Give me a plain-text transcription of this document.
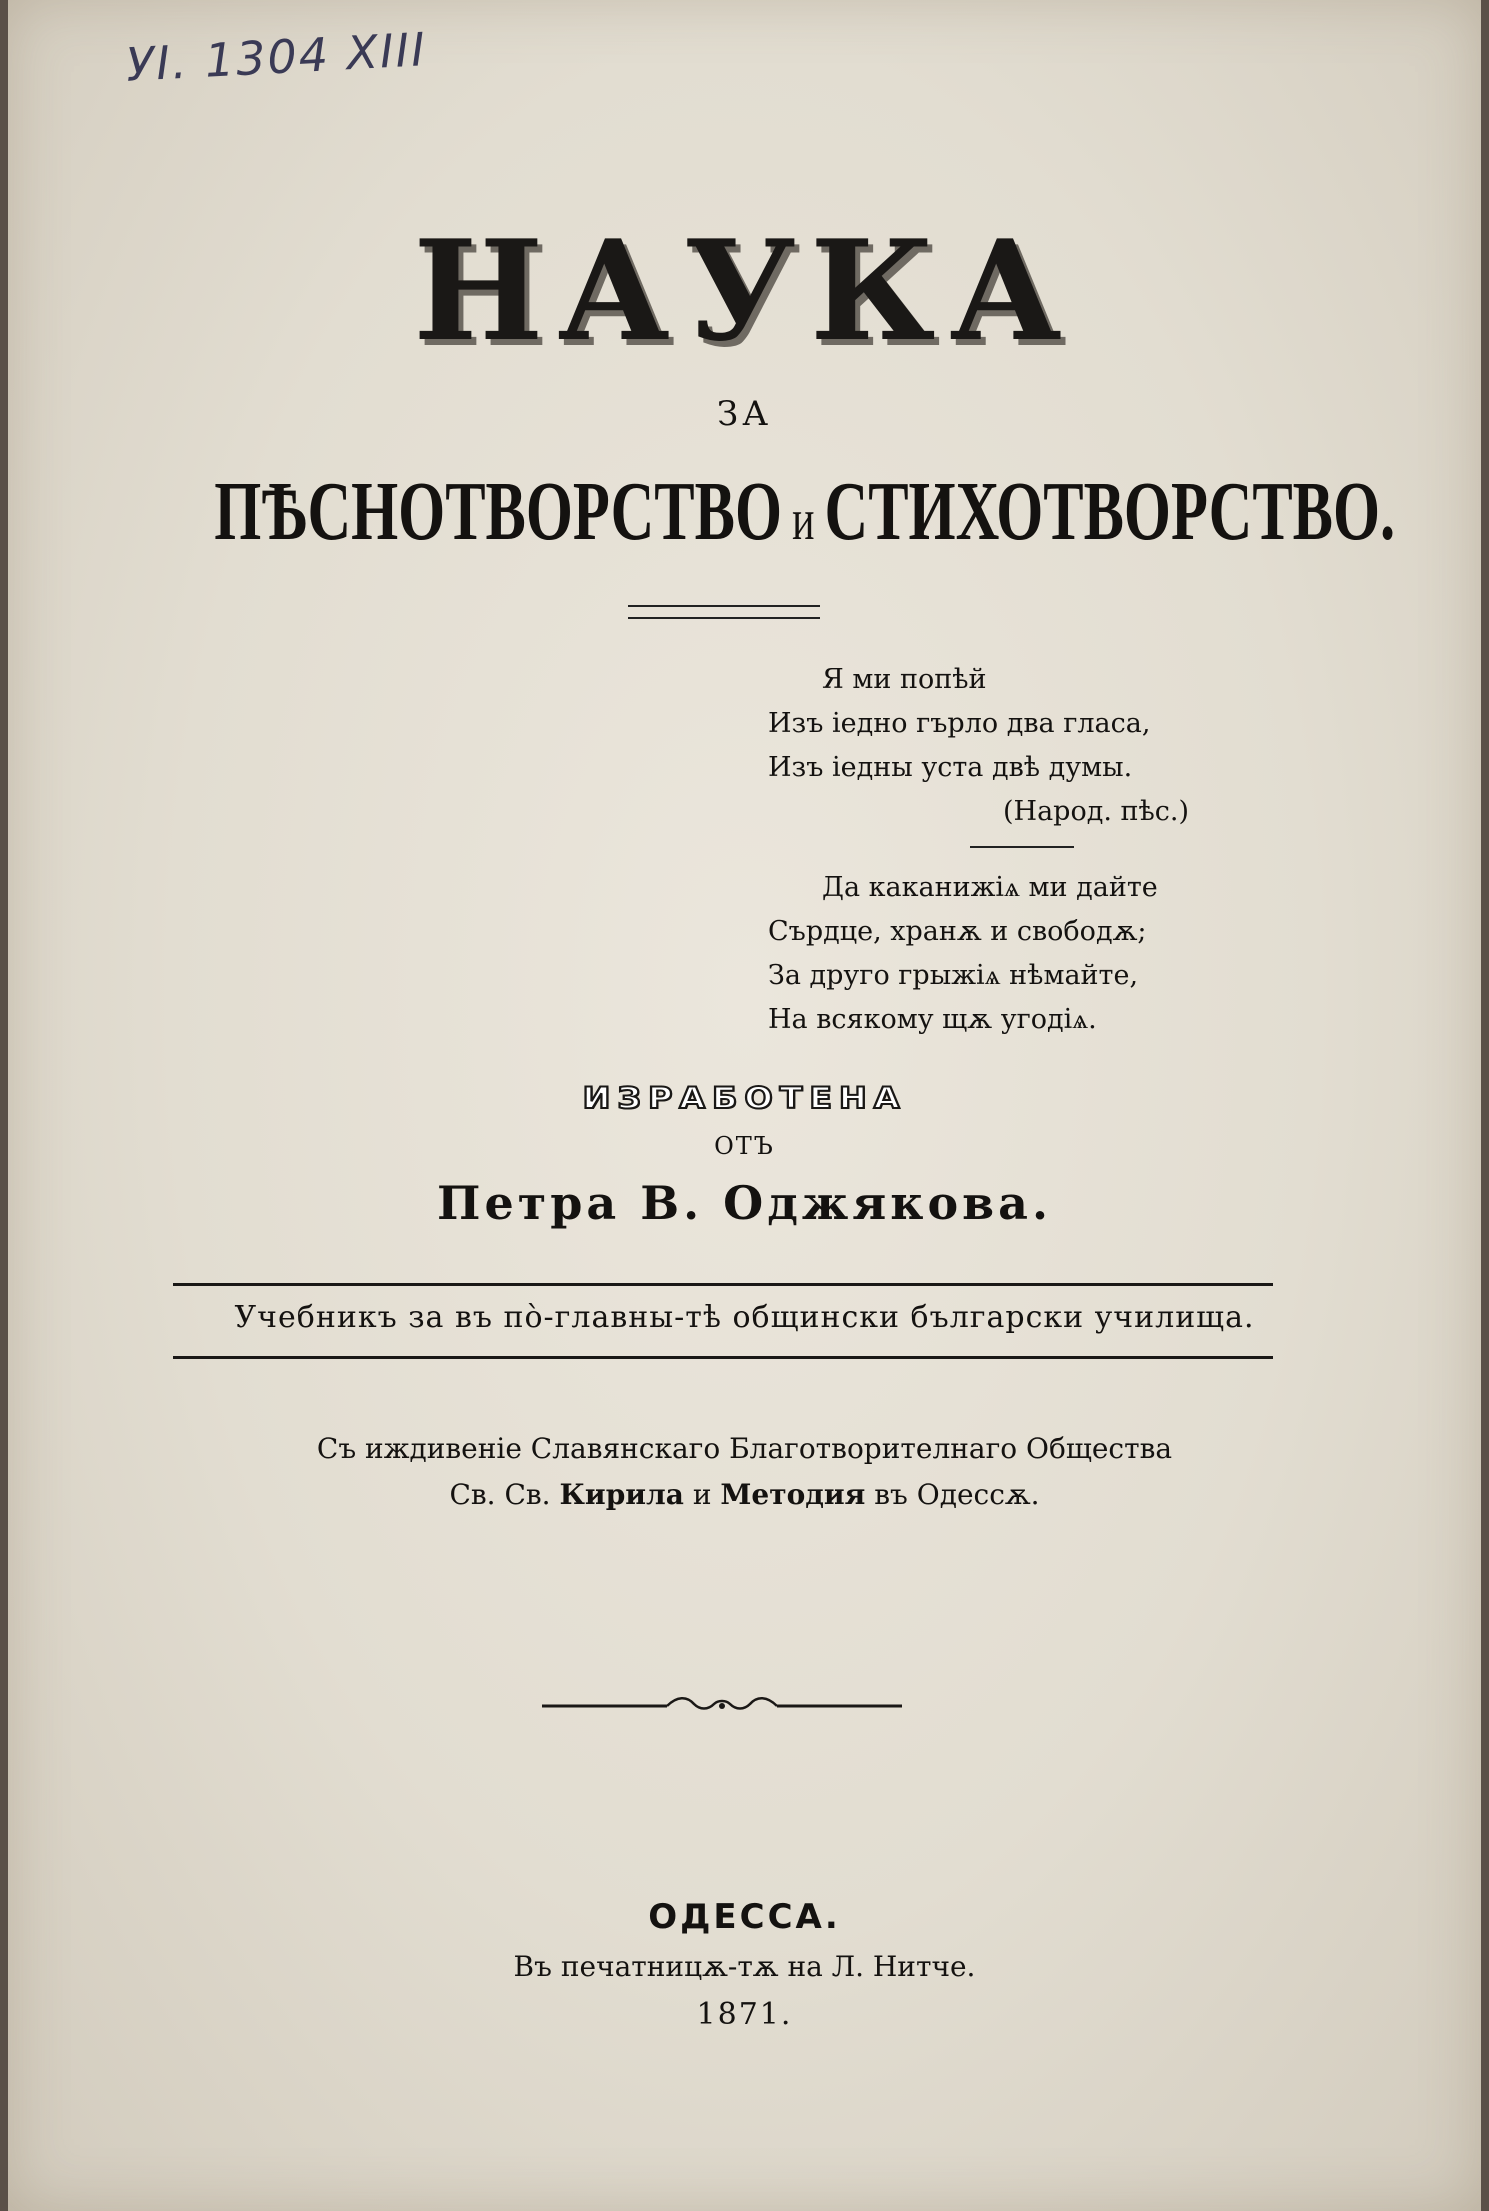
УІ. 1304 XIII
НАУКА
ЗА
ПѢСНОТВОРСТВО и СТИХОТВОРСТВО.
Я ми попѣй
Изъ іедно гърло два гласа,
Изъ іедны уста двѣ думы.
(Народ. пѣс.)
Да каканижіѧ ми дайте
Сърдце, хранѫ и свободѫ;
За друго грыжіѧ нѣмайте,
На всякому щѫ угодіѧ.
ИЗРАБОТЕНА
ОТЪ
Петра В. Оджякова.
Учебникъ за въ пò-главны-тѣ общински български училища.
Съ иждивеніе Славянскаго Благотворителнаго Общества
Св. Св. Кирила и Методия въ Одессѫ.
ОДЕССА.
Въ печатницѫ-тѫ на Л. Нитче.
1871.
